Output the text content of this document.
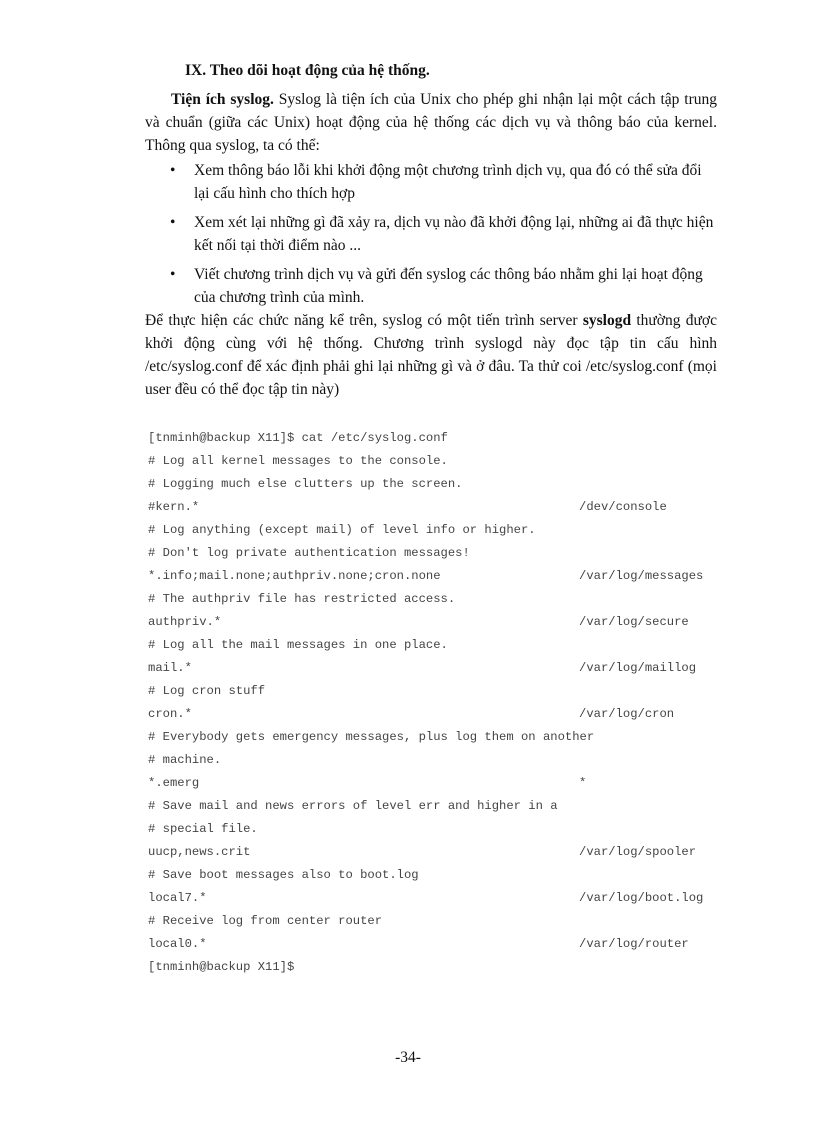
IX. Theo dõi hoạt động của hệ thống.

Tiện ích syslog. Syslog là tiện ích của Unix cho phép ghi nhận lại một cách tập trung và chuẩn (giữa các Unix) hoạt động của hệ thống các dịch vụ và thông báo của kernel. Thông qua syslog, ta có thể:

• Xem thông báo lỗi khi khởi động một chương trình dịch vụ, qua đó có thể sửa đổi lại cấu hình cho thích hợp
• Xem xét lại những gì đã xảy ra, dịch vụ nào đã khởi động lại, những ai đã thực hiện kết nối tại thời điểm nào ...
• Viết chương trình dịch vụ và gửi đến syslog các thông báo nhằm ghi lại hoạt động của chương trình của mình.

Để thực hiện các chức năng kể trên, syslog có một tiến trình server syslogd thường được khởi động cùng với hệ thống. Chương trình syslogd này đọc tập tin cấu hình /etc/syslog.conf để xác định phải ghi lại những gì và ở đâu. Ta thử coi /etc/syslog.conf (mọi user đều có thể đọc tập tin này)

[tnminh@backup X11]$ cat /etc/syslog.conf
# Log all kernel messages to the console.
# Logging much else clutters up the screen.
#kern.*	/dev/console
# Log anything (except mail) of level info or higher.
# Don't log private authentication messages!
*.info;mail.none;authpriv.none;cron.none	/var/log/messages
# The authpriv file has restricted access.
authpriv.*	/var/log/secure
# Log all the mail messages in one place.
mail.*	/var/log/maillog
# Log cron stuff
cron.*	/var/log/cron
# Everybody gets emergency messages, plus log them on another
# machine.
*.emerg	*
# Save mail and news errors of level err and higher in a
# special file.
uucp,news.crit	/var/log/spooler
# Save boot messages also to boot.log
local7.*	/var/log/boot.log
# Receive log from center router
local0.*	/var/log/router
[tnminh@backup X11]$
-34-
